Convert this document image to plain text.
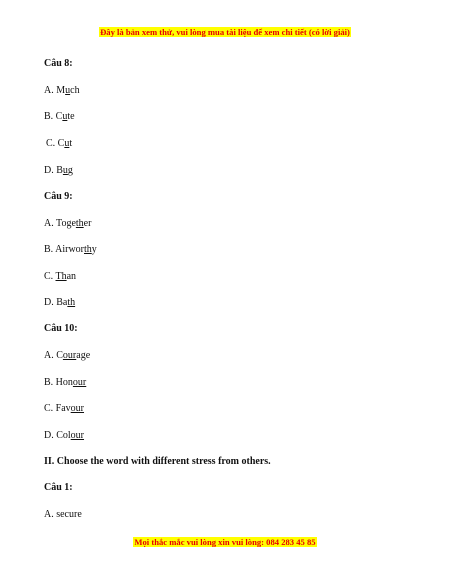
Đây là bản xem thử, vui lòng mua tài liệu để xem chi tiết (có lời giải)
Câu 8:
A. Much
B. Cute
C. Cut
D. Bug
Câu 9:
A. Together
B. Airworthy
C. Than
D. Bath
Câu 10:
A. Courage
B. Honour
C. Favour
D. Colour
II. Choose the word with different stress from others.
Câu 1:
A. secure
Mọi thắc mắc vui lòng xin vui lòng: 084 283 45 85
